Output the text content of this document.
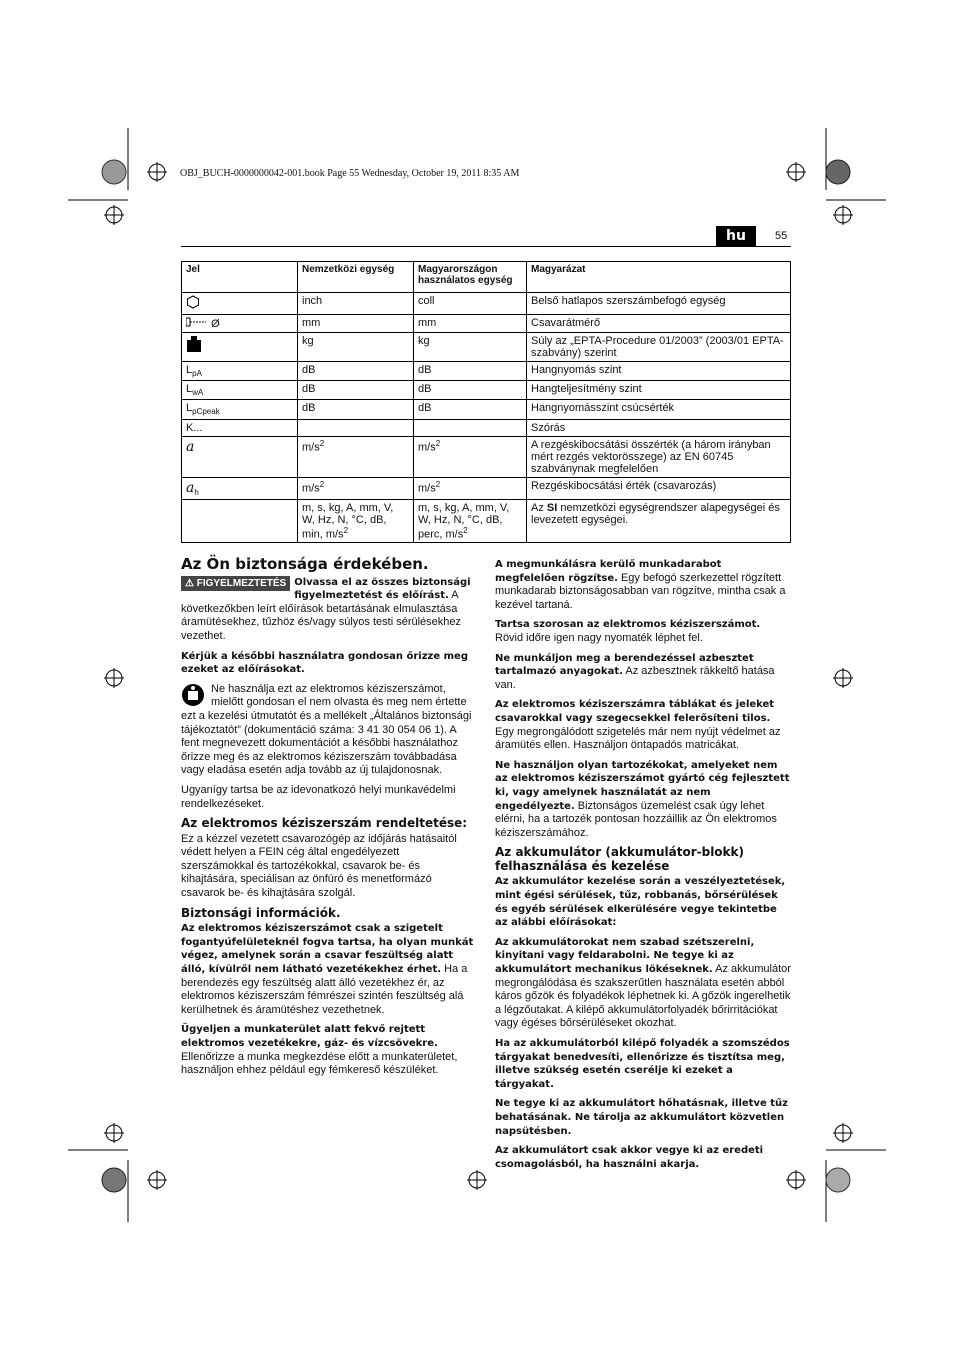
OBJ_BUCH-0000000042-001.book Page 55 Wednesday, October 19, 2011 8:35 AM
hu	55
Jel	Nemzetközi egység	Magyarországon használatos egység	Magyarázat
	inch	coll	Belső hatlapos szerszámbefogó egység
Ø	mm	mm	Csavarátmérő
	kg	kg	Súly az „EPTA-Procedure 01/2003” (2003/01 EPTA-szabvány) szerint
$L_{pA}$	dB	dB	Hangnyomás szint
$L_{wA}$	dB	dB	Hangteljesítmény szint
$L_{pCpeak}$	dB	dB	Hangnyomásszint csúcsérték
K...			Szórás
a	$m/s^2$	$m/s^2$	A rezgéskibocsátási összérték (a három irányban mért rezgés vektorösszege) az EN 60745 szabványnak megfelelően
$a_h$	$m/s^2$	$m/s^2$	Rezgéskibocsátási érték (csavarozás)
	m, s, kg, A, mm, V, W, Hz, N, °C, dB, min, $m/s^2$	m, s, kg, A, mm, V, W, Hz, N, °C, dB, perc, $m/s^2$	Az SI nemzetközi egységrendszer alapegységei és levezetett egységei.
Az Ön biztonsága érdekében.

⚠ FIGYELMEZTETÉS Olvassa el az összes biztonsági figyelmeztetést és előírást. A következőkben leírt előírások betartásának elmulasztása áramütésekhez, tűzhöz és/vagy súlyos testi sérülésekhez vezethet.

Kérjük a későbbi használatra gondosan őrizze meg ezeket az előírásokat.

Ne használja ezt az elektromos kéziszerszámot, mielőtt gondosan el nem olvasta és meg nem értette ezt a kezelési útmutatót és a mellékelt „Általános biztonsági tájékoztatót” (dokumentáció száma: 3 41 30 054 06 1). A fent megnevezett dokumentációt a későbbi használathoz őrizze meg és az elektromos kéziszerszám továbbadása vagy eladása esetén adja tovább az új tulajdonosnak.

Ugyanígy tartsa be az idevonatkozó helyi munkavédelmi rendelkezéseket.

Az elektromos kéziszerszám rendeltetése:

Ez a kézzel vezetett csavarozógép az időjárás hatásaitól védett helyen a FEIN cég által engedélyezett szerszámokkal és tartozékokkal, csavarok be- és kihajtására, speciálisan az önfúró és menetformázó csavarok be- és kihajtására szolgál.

Biztonsági információk.

Az elektromos kéziszerszámot csak a szigetelt fogantyúfelületeknél fogva tartsa, ha olyan munkát végez, amelynek során a csavar feszültség alatt álló, kívülről nem látható vezetékekhez érhet. Ha a berendezés egy feszültség alatt álló vezetékhez ér, az elektromos kéziszerszám fémrészei szintén feszültség alá kerülhetnek és áramütéshez vezethetnek.

Ügyeljen a munkaterület alatt fekvő rejtett elektromos vezetékekre, gáz- és vízcsövekre. Ellenőrizze a munka megkezdése előtt a munkaterületet, használjon ehhez például egy fémkereső készüléket.

A megmunkálásra kerülő munkadarabot megfelelően rögzítse. Egy befogó szerkezettel rögzített munkadarab biztonságosabban van rögzítve, mintha csak a kezével tartaná.

Tartsa szorosan az elektromos kéziszerszámot. Rövid időre igen nagy nyomaték léphet fel.

Ne munkáljon meg a berendezéssel azbesztet tartalmazó anyagokat. Az azbesztnek rákkeltő hatása van.

Az elektromos kéziszerszámra táblákat és jeleket csavarokkal vagy szegecsekkel felerősíteni tilos. Egy megrongálódott szigetelés már nem nyújt védelmet az áramütés ellen. Használjon öntapadós matricákat.

Ne használjon olyan tartozékokat, amelyeket nem az elektromos kéziszerszámot gyártó cég fejlesztett ki, vagy amelynek használatát az nem engedélyezte. Biztonságos üzemelést csak úgy lehet elérni, ha a tartozék pontosan hozzáillik az Ön elektromos kéziszerszámához.

Az akkumulátor (akkumulátor-blokk) felhasználása és kezelése

Az akkumulátor kezelése során a veszélyeztetések, mint égési sérülések, tűz, robbanás, bőrsérülések és egyéb sérülések elkerülésére vegye tekintetbe az alábbi előírásokat:

Az akkumulátorokat nem szabad szétszerelni, kinyitani vagy feldarabolni. Ne tegye ki az akkumulátort mechanikus lökéseknek. Az akkumulátor megrongálódása és szakszerűtlen használata esetén abból káros gőzök és folyadékok léphetnek ki. A gőzök ingerelhetik a légzőutakat. A kilépő akkumulátorfolyadék bőrirritációkat vagy égéses bőrsérüléseket okozhat.

Ha az akkumulátorból kilépő folyadék a szomszédos tárgyakat benedvesíti, ellenőrizze és tisztítsa meg, illetve szükség esetén cserélje ki ezeket a tárgyakat.

Ne tegye ki az akkumulátort hőhatásnak, illetve tűz behatásának. Ne tárolja az akkumulátort közvetlen napsütésben.

Az akkumulátort csak akkor vegye ki az eredeti csomagolásból, ha használni akarja.
